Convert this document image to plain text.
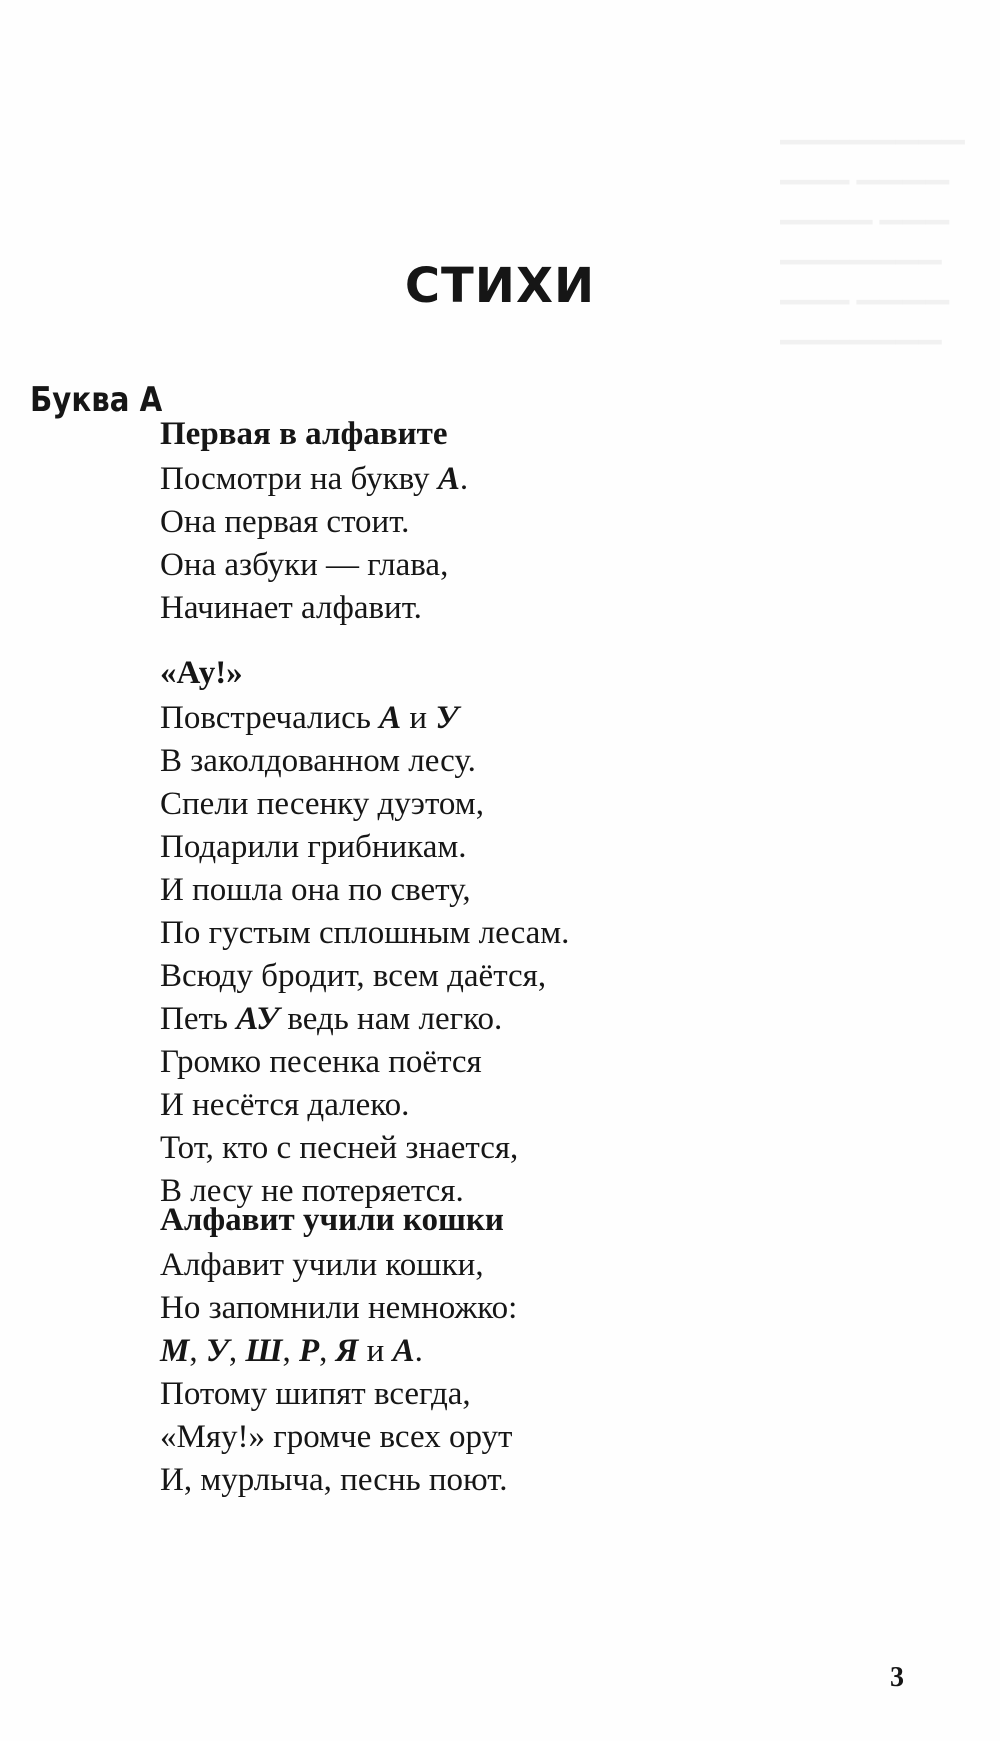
▁▁▁▁▁▁▁▁
▁▁▁ ▁▁▁▁
▁▁▁▁ ▁▁▁
▁▁▁▁▁▁▁
▁▁▁ ▁▁▁▁
▁▁▁▁▁▁▁
СТИХИ
Буква А
Первая в алфавите
Посмотри на букву А.
Она первая стоит.
Она азбуки — глава,
Начинает алфавит.
«Ау!»
Повстречались А и У
В заколдованном лесу.
Спели песенку дуэтом,
Подарили грибникам.
И пошла она по свету,
По густым сплошным лесам.
Всюду бродит, всем даётся,
Петь АУ ведь нам легко.
Громко песенка поётся
И несётся далеко.
Тот, кто с песней знается,
В лесу не потеряется.
Алфавит учили кошки
Алфавит учили кошки,
Но запомнили немножко:
М, У, Ш, Р, Я и А.
Потому шипят всегда,
«Мяу!» громче всех орут
И, мурлыча, песнь поют.
3
